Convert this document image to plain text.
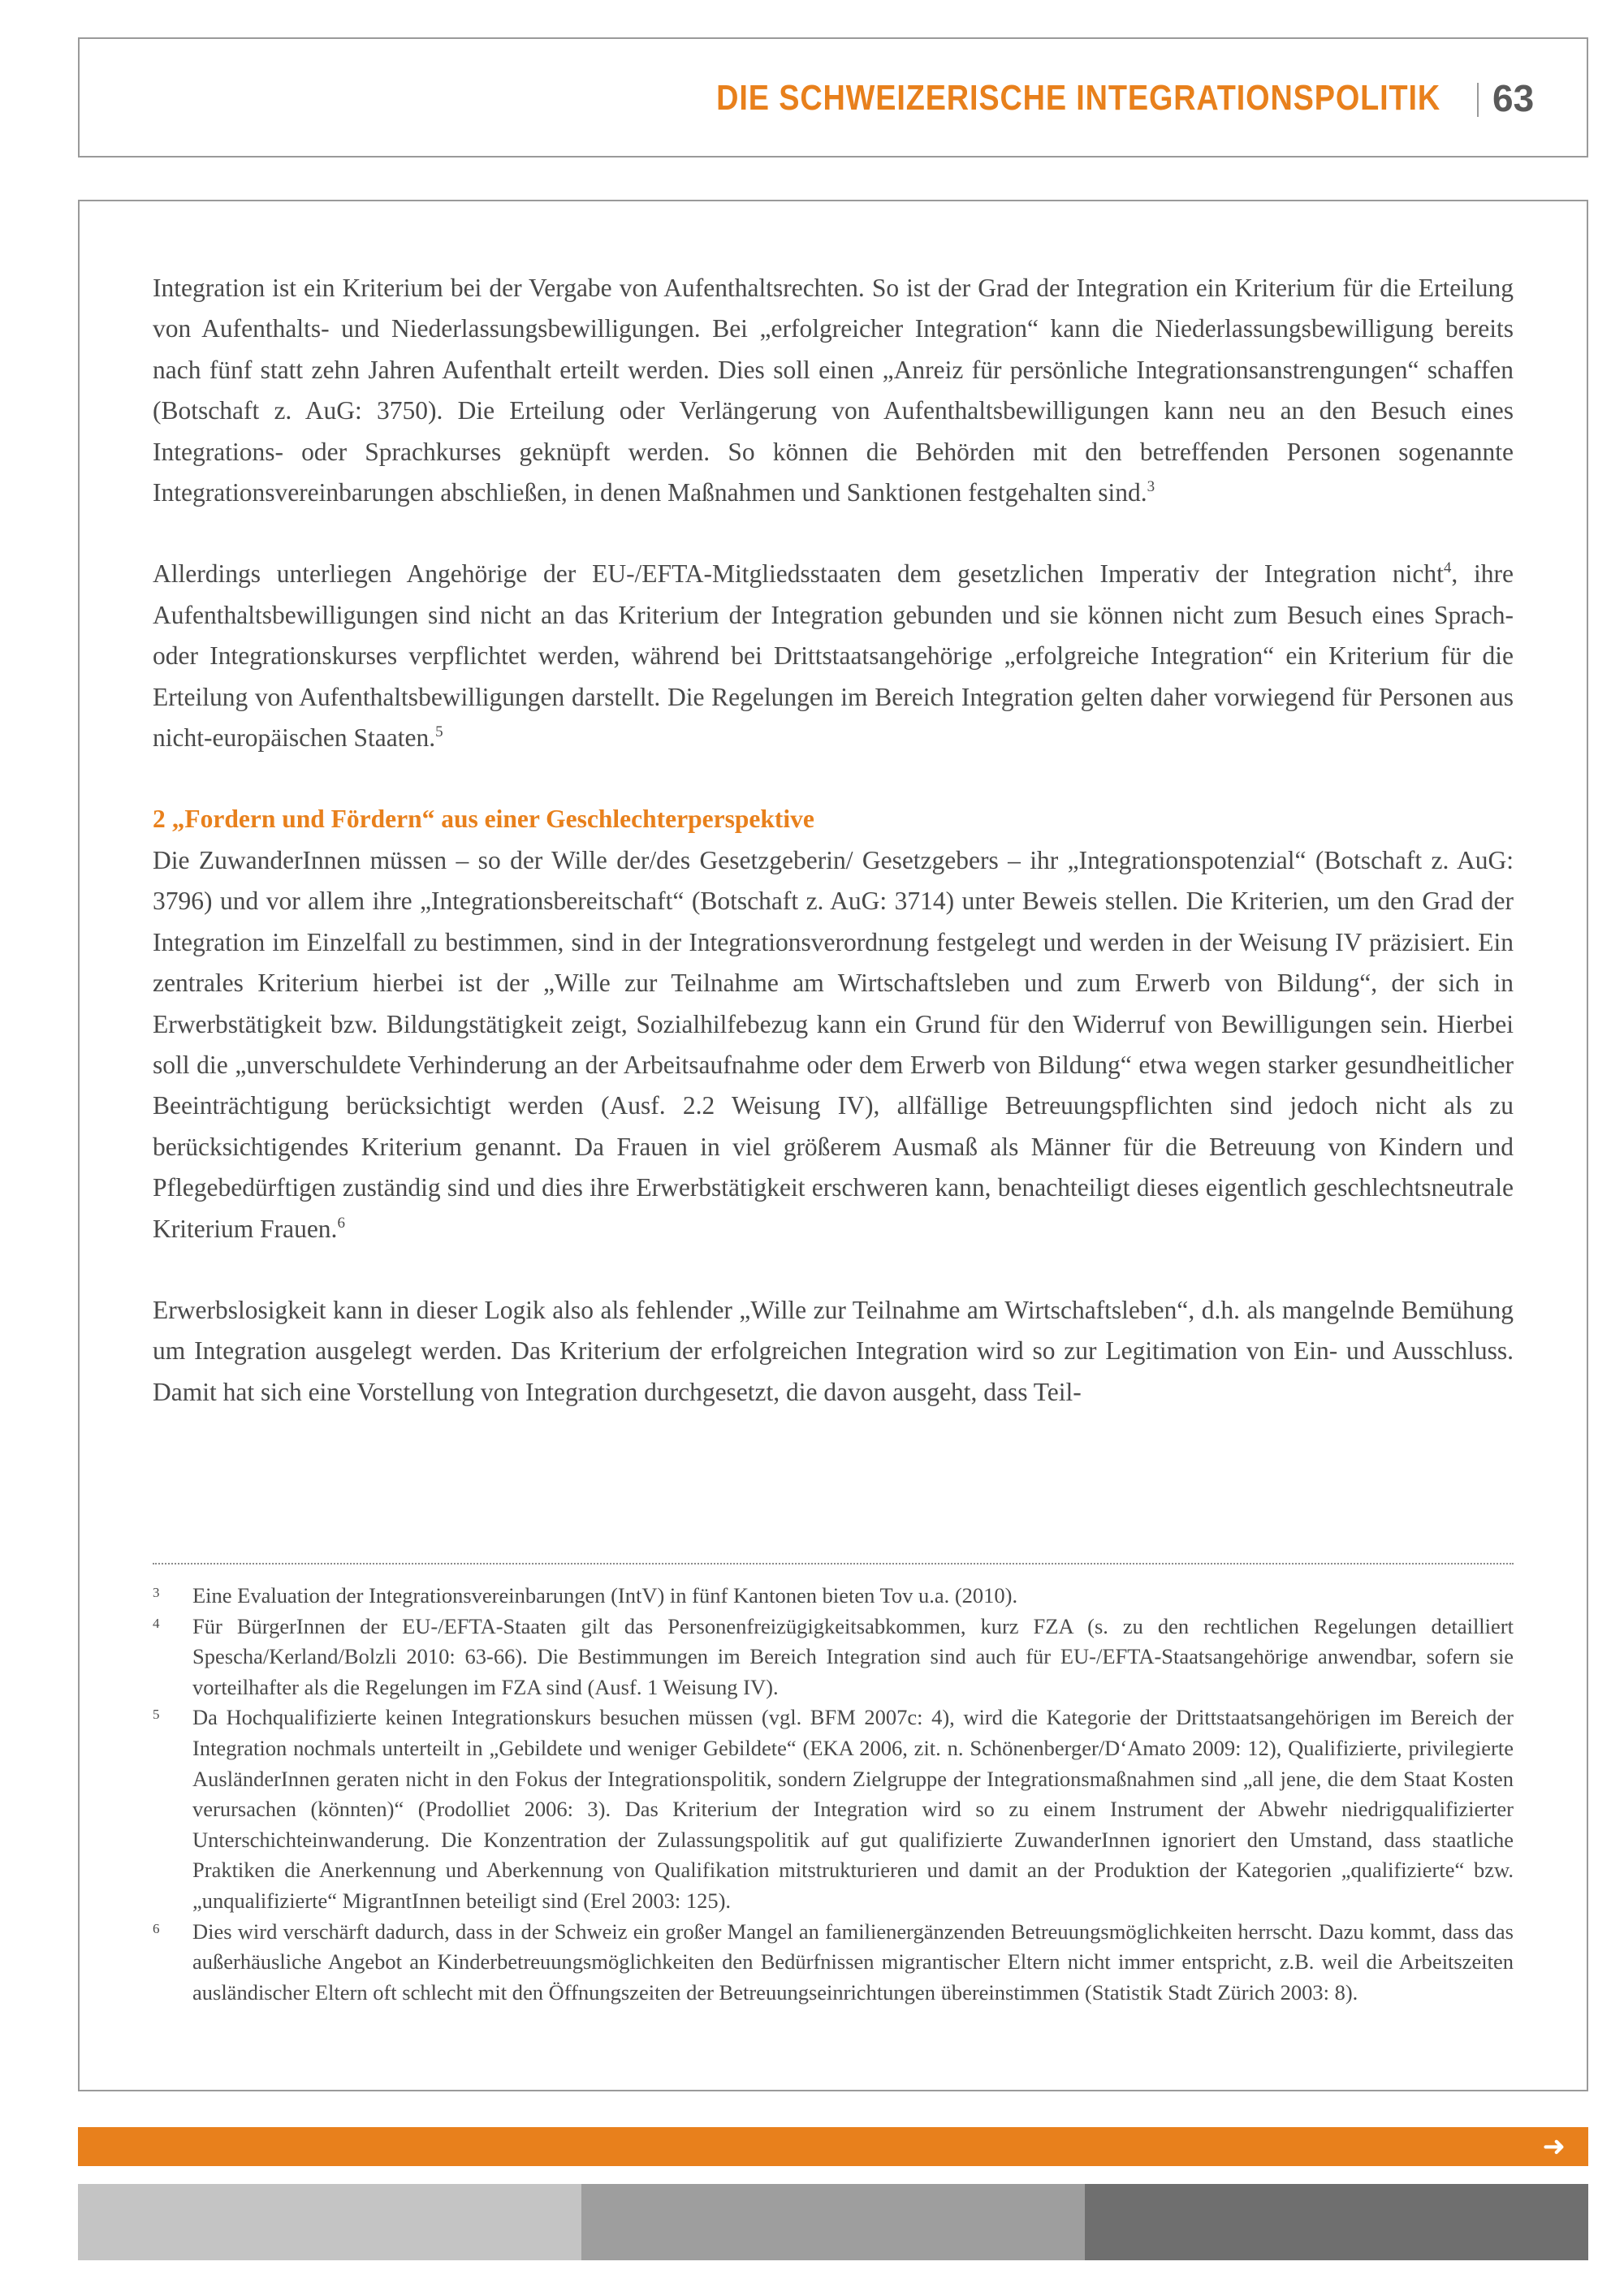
DIE SCHWEIZERISCHE INTEGRATIONSPOLITIK 63

Integration ist ein Kriterium bei der Vergabe von Aufenthaltsrechten. So ist der Grad der Integration ein Kriterium für die Erteilung von Aufenthalts- und Niederlassungsbewilligungen. Bei „erfolgreicher Integration“ kann die Niederlassungsbewilligung bereits nach fünf statt zehn Jahren Aufenthalt erteilt werden. Dies soll einen „Anreiz für persönliche Integrationsanstrengungen“ schaffen (Botschaft z. AuG: 3750). Die Erteilung oder Verlängerung von Aufenthaltsbewilligungen kann neu an den Besuch eines Integrations- oder Sprachkurses geknüpft werden. So können die Behörden mit den betreffenden Personen sogenannte Integrationsvereinbarungen abschließen, in denen Maßnahmen und Sanktionen festgehalten sind.$^3$

Allerdings unterliegen Angehörige der EU-/EFTA-Mitgliedsstaaten dem gesetzlichen Imperativ der Integration nicht$^4$, ihre Aufenthaltsbewilligungen sind nicht an das Kriterium der Integration gebunden und sie können nicht zum Besuch eines Sprach- oder Integrationskurses verpflichtet werden, während bei Drittstaatsangehörige „erfolgreiche Integration“ ein Kriterium für die Erteilung von Aufenthaltsbewilligungen darstellt. Die Regelungen im Bereich Integration gelten daher vorwiegend für Personen aus nicht-europäischen Staaten.$^5$

2 „Fordern und Fördern“ aus einer Geschlechterperspektive

Die ZuwanderInnen müssen – so der Wille der/des Gesetzgeberin/ Gesetzgebers – ihr „Integrationspotenzial“ (Botschaft z. AuG: 3796) und vor allem ihre „Integrationsbereitschaft“ (Botschaft z. AuG: 3714) unter Beweis stellen. Die Kriterien, um den Grad der Integration im Einzelfall zu bestimmen, sind in der Integrationsverordnung festgelegt und werden in der Weisung IV präzisiert. Ein zentrales Kriterium hierbei ist der „Wille zur Teilnahme am Wirtschaftsleben und zum Erwerb von Bildung“, der sich in Erwerbstätigkeit bzw. Bildungstätigkeit zeigt, Sozialhilfebezug kann ein Grund für den Widerruf von Bewilligungen sein. Hierbei soll die „unverschuldete Verhinderung an der Arbeitsaufnahme oder dem Erwerb von Bildung“ etwa wegen starker gesundheitlicher Beeinträchtigung berücksichtigt werden (Ausf. 2.2 Weisung IV), allfällige Betreuungspflichten sind jedoch nicht als zu berücksichtigendes Kriterium genannt. Da Frauen in viel größerem Ausmaß als Männer für die Betreuung von Kindern und Pflegebedürftigen zuständig sind und dies ihre Erwerbstätigkeit erschweren kann, benachteiligt dieses eigentlich geschlechtsneutrale Kriterium Frauen.$^6$

Erwerbslosigkeit kann in dieser Logik also als fehlender „Wille zur Teilnahme am Wirtschaftsleben“, d.h. als mangelnde Bemühung um Integration ausgelegt werden. Das Kriterium der erfolgreichen Integration wird so zur Legitimation von Ein- und Ausschluss. Damit hat sich eine Vorstellung von Integration durchgesetzt, die davon ausgeht, dass Teil-

3	Eine Evaluation der Integrationsvereinbarungen (IntV) in fünf Kantonen bieten Tov u.a. (2010).
4	Für BürgerInnen der EU-/EFTA-Staaten gilt das Personenfreizügigkeitsabkommen, kurz FZA (s. zu den rechtlichen Regelungen detailliert Spescha/Kerland/Bolzli 2010: 63-66). Die Bestimmungen im Bereich Integration sind auch für EU-/EFTA-Staatsangehörige anwendbar, sofern sie vorteilhafter als die Regelungen im FZA sind (Ausf. 1 Weisung IV).
5	Da Hochqualifizierte keinen Integrationskurs besuchen müssen (vgl. BFM 2007c: 4), wird die Kategorie der Drittstaatsangehörigen im Bereich der Integration nochmals unterteilt in „Gebildete und weniger Gebildete“ (EKA 2006, zit. n. Schönenberger/D‘Amato 2009: 12), Qualifizierte, privilegierte AusländerInnen geraten nicht in den Fokus der Integrationspolitik, sondern Zielgruppe der Integrationsmaßnahmen sind „all jene, die dem Staat Kosten verursachen (könnten)“ (Prodolliet 2006: 3). Das Kriterium der Integration wird so zu einem Instrument der Abwehr niedrigqualifizierter Unterschichteinwanderung. Die Konzentration der Zulassungspolitik auf gut qualifizierte ZuwanderInnen ignoriert den Umstand, dass staatliche Praktiken die Anerkennung und Aberkennung von Qualifikation mitstrukturieren und damit an der Produktion der Kategorien „qualifizierte“ bzw. „unqualifizierte“ MigrantInnen beteiligt sind (Erel 2003: 125).
6	Dies wird verschärft dadurch, dass in der Schweiz ein großer Mangel an familienergänzenden Betreuungsmöglichkeiten herrscht. Dazu kommt, dass das außerhäusliche Angebot an Kinderbetreuungsmöglichkeiten den Bedürfnissen migrantischer Eltern nicht immer entspricht, z.B. weil die Arbeitszeiten ausländischer Eltern oft schlecht mit den Öffnungszeiten der Betreuungseinrichtungen übereinstimmen (Statistik Stadt Zürich 2003: 8).
➜
